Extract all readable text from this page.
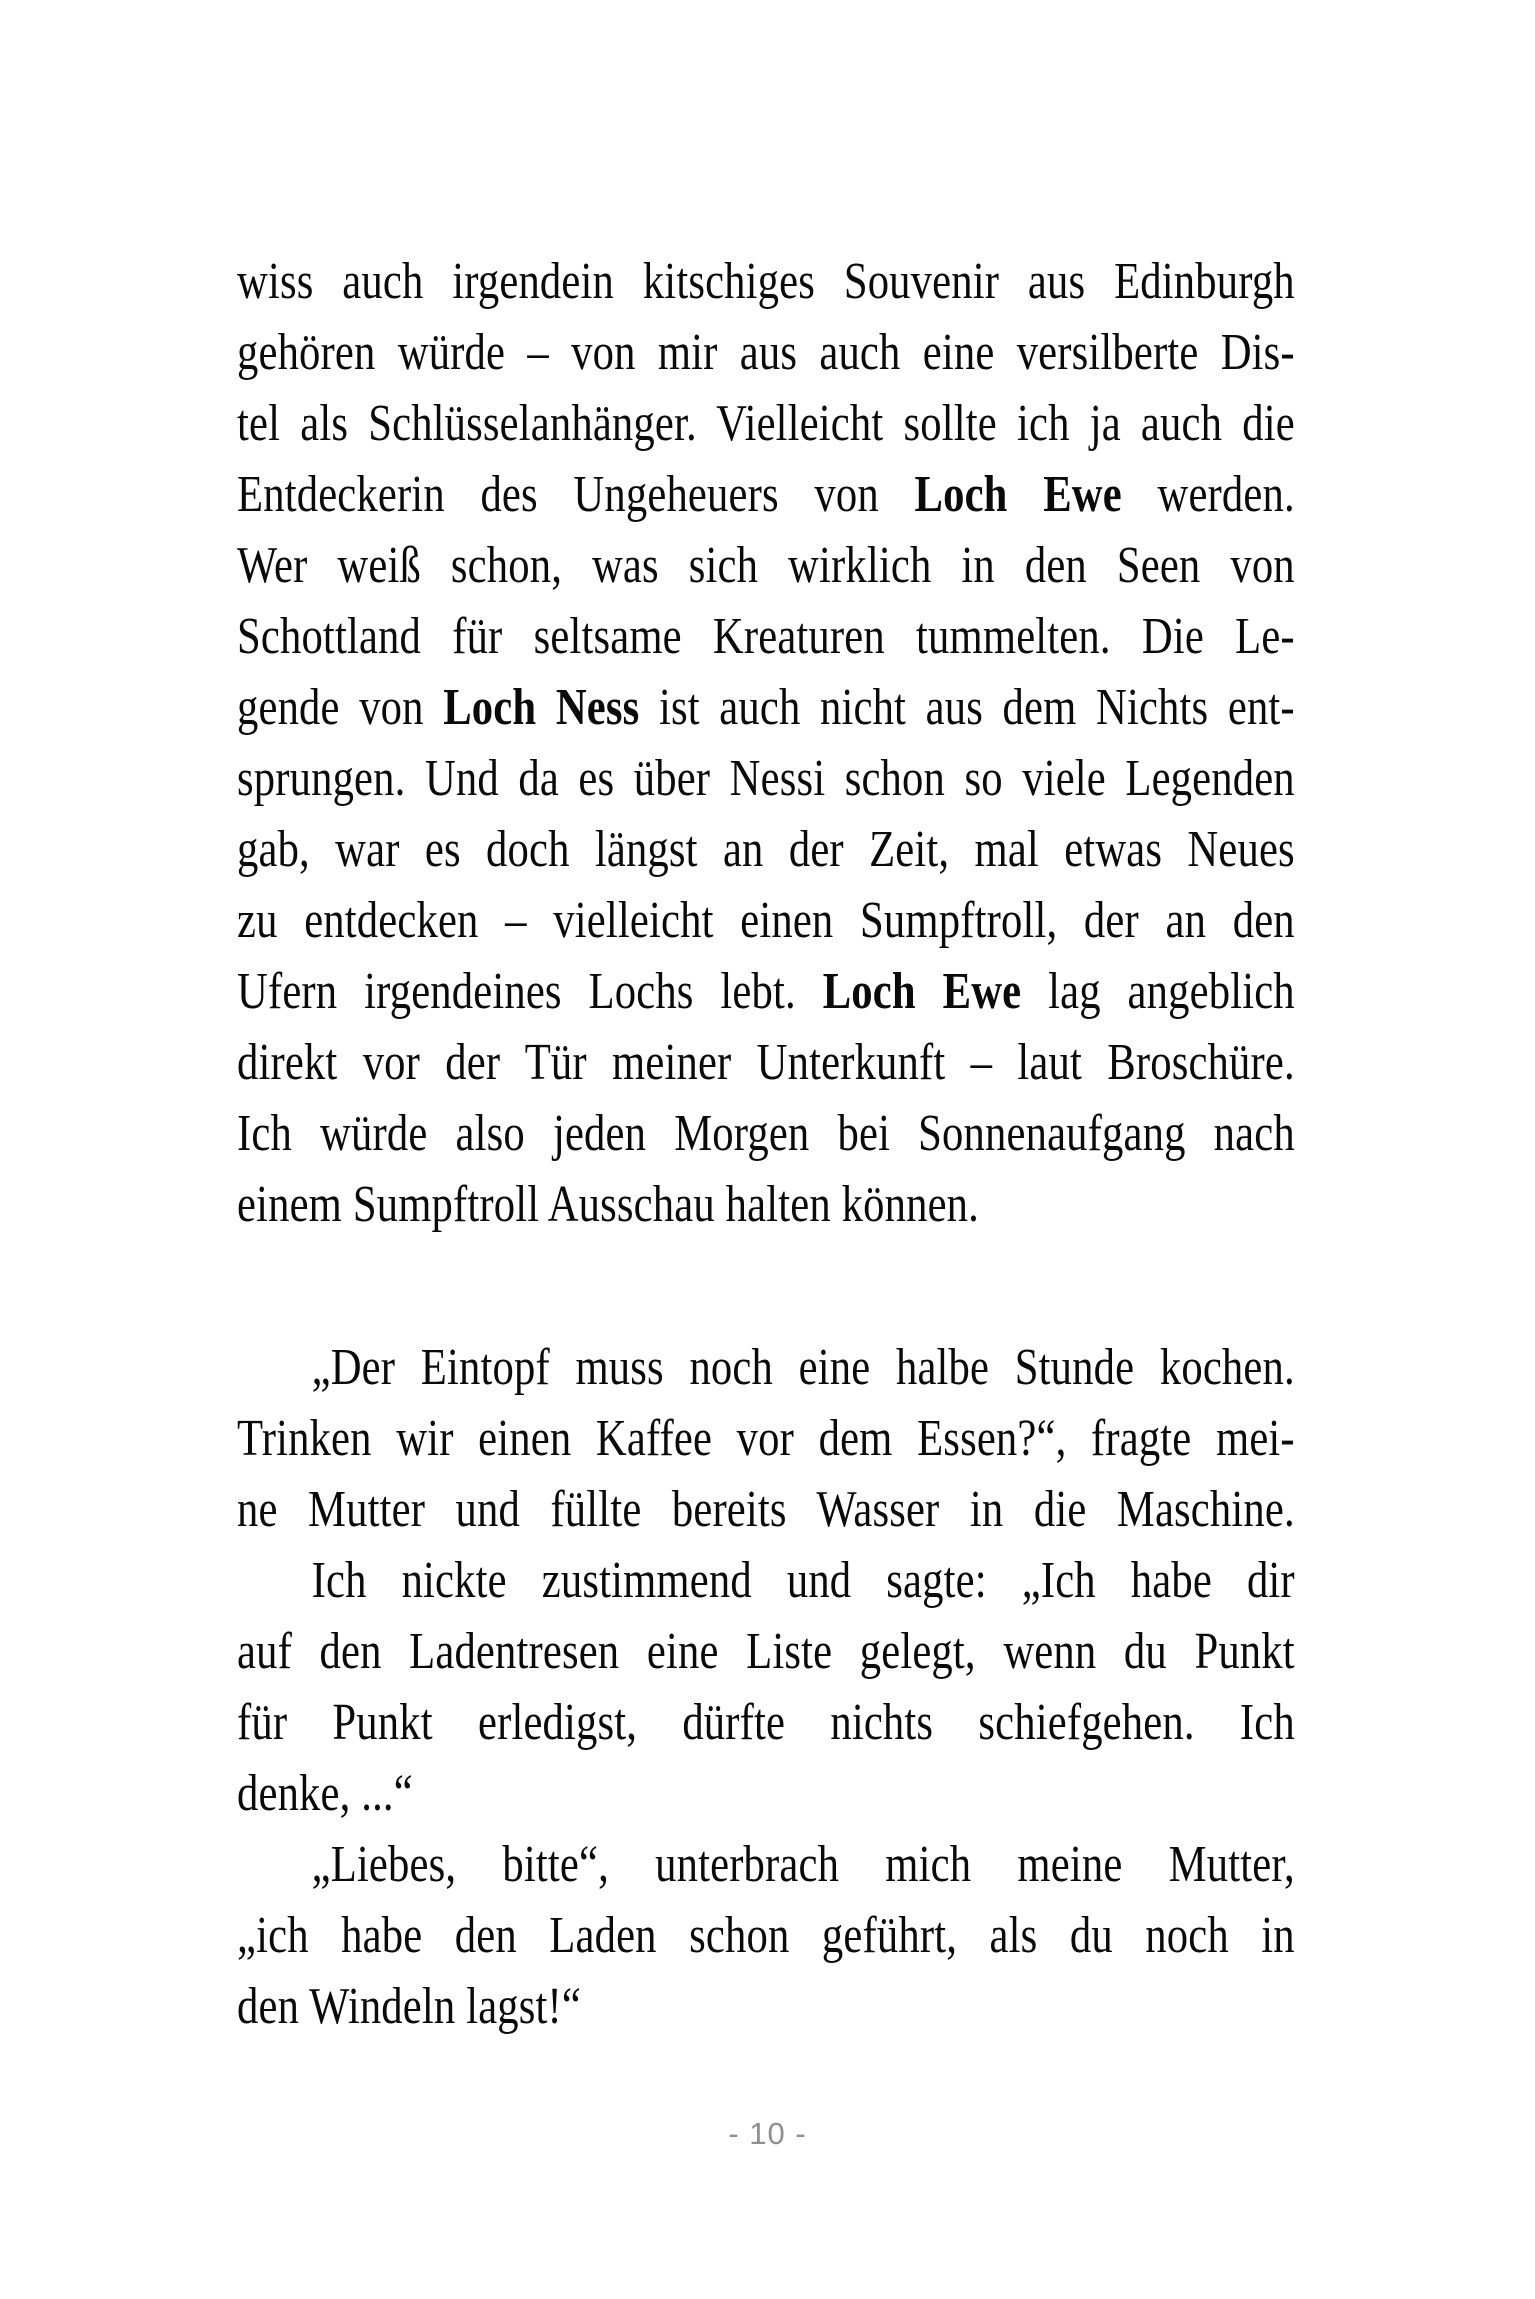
wiss auch irgendein kitschiges Souvenir aus Edinburgh
gehören würde – von mir aus auch eine versilberte Dis-
tel als Schlüsselanhänger. Vielleicht sollte ich ja auch die
Entdeckerin des Ungeheuers von Loch Ewe werden.
Wer weiß schon, was sich wirklich in den Seen von
Schottland für seltsame Kreaturen tummelten. Die Le-
gende von Loch Ness ist auch nicht aus dem Nichts ent-
sprungen. Und da es über Nessi schon so viele Legenden
gab, war es doch längst an der Zeit, mal etwas Neues
zu entdecken – vielleicht einen Sumpftroll, der an den
Ufern irgendeines Lochs lebt. Loch Ewe lag angeblich
direkt vor der Tür meiner Unterkunft – laut Broschüre.
Ich würde also jeden Morgen bei Sonnenaufgang nach
einem Sumpftroll Ausschau halten können.
„Der Eintopf muss noch eine halbe Stunde kochen.
Trinken wir einen Kaffee vor dem Essen?“, fragte mei-
ne Mutter und füllte bereits Wasser in die Maschine.
Ich nickte zustimmend und sagte: „Ich habe dir
auf den Ladentresen eine Liste gelegt, wenn du Punkt
für Punkt erledigst, dürfte nichts schiefgehen. Ich
denke, ...“
„Liebes, bitte“, unterbrach mich meine Mutter,
„ich habe den Laden schon geführt, als du noch in
den Windeln lagst!“
- 10 -
